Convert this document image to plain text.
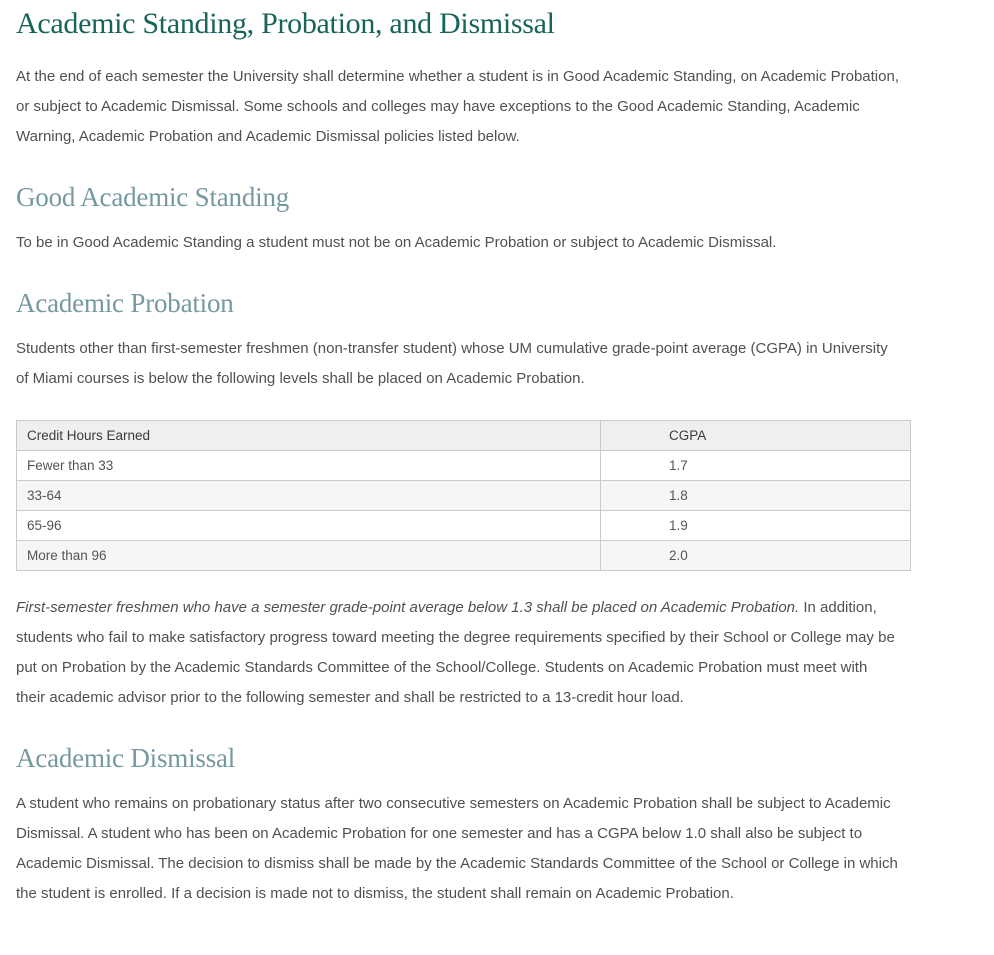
Academic Standing, Probation, and Dismissal

At the end of each semester the University shall determine whether a student is in Good Academic Standing, on Academic Probation, or subject to Academic Dismissal. Some schools and colleges may have exceptions to the Good Academic Standing, Academic Warning, Academic Probation and Academic Dismissal policies listed below.

Good Academic Standing

To be in Good Academic Standing a student must not be on Academic Probation or subject to Academic Dismissal.

Academic Probation

Students other than first-semester freshmen (non-transfer student) whose UM cumulative grade-point average (CGPA) in University of Miami courses is below the following levels shall be placed on Academic Probation.

Credit Hours Earned	CGPA
Fewer than 33	1.7
33-64	1.8
65-96	1.9
More than 96	2.0

First-semester freshmen who have a semester grade-point average below 1.3 shall be placed on Academic Probation. In addition, students who fail to make satisfactory progress toward meeting the degree requirements specified by their School or College may be put on Probation by the Academic Standards Committee of the School/College. Students on Academic Probation must meet with their academic advisor prior to the following semester and shall be restricted to a 13-credit hour load.

Academic Dismissal

A student who remains on probationary status after two consecutive semesters on Academic Probation shall be subject to Academic Dismissal. A student who has been on Academic Probation for one semester and has a CGPA below 1.0 shall also be subject to Academic Dismissal. The decision to dismiss shall be made by the Academic Standards Committee of the School or College in which the student is enrolled. If a decision is made not to dismiss, the student shall remain on Academic Probation.
